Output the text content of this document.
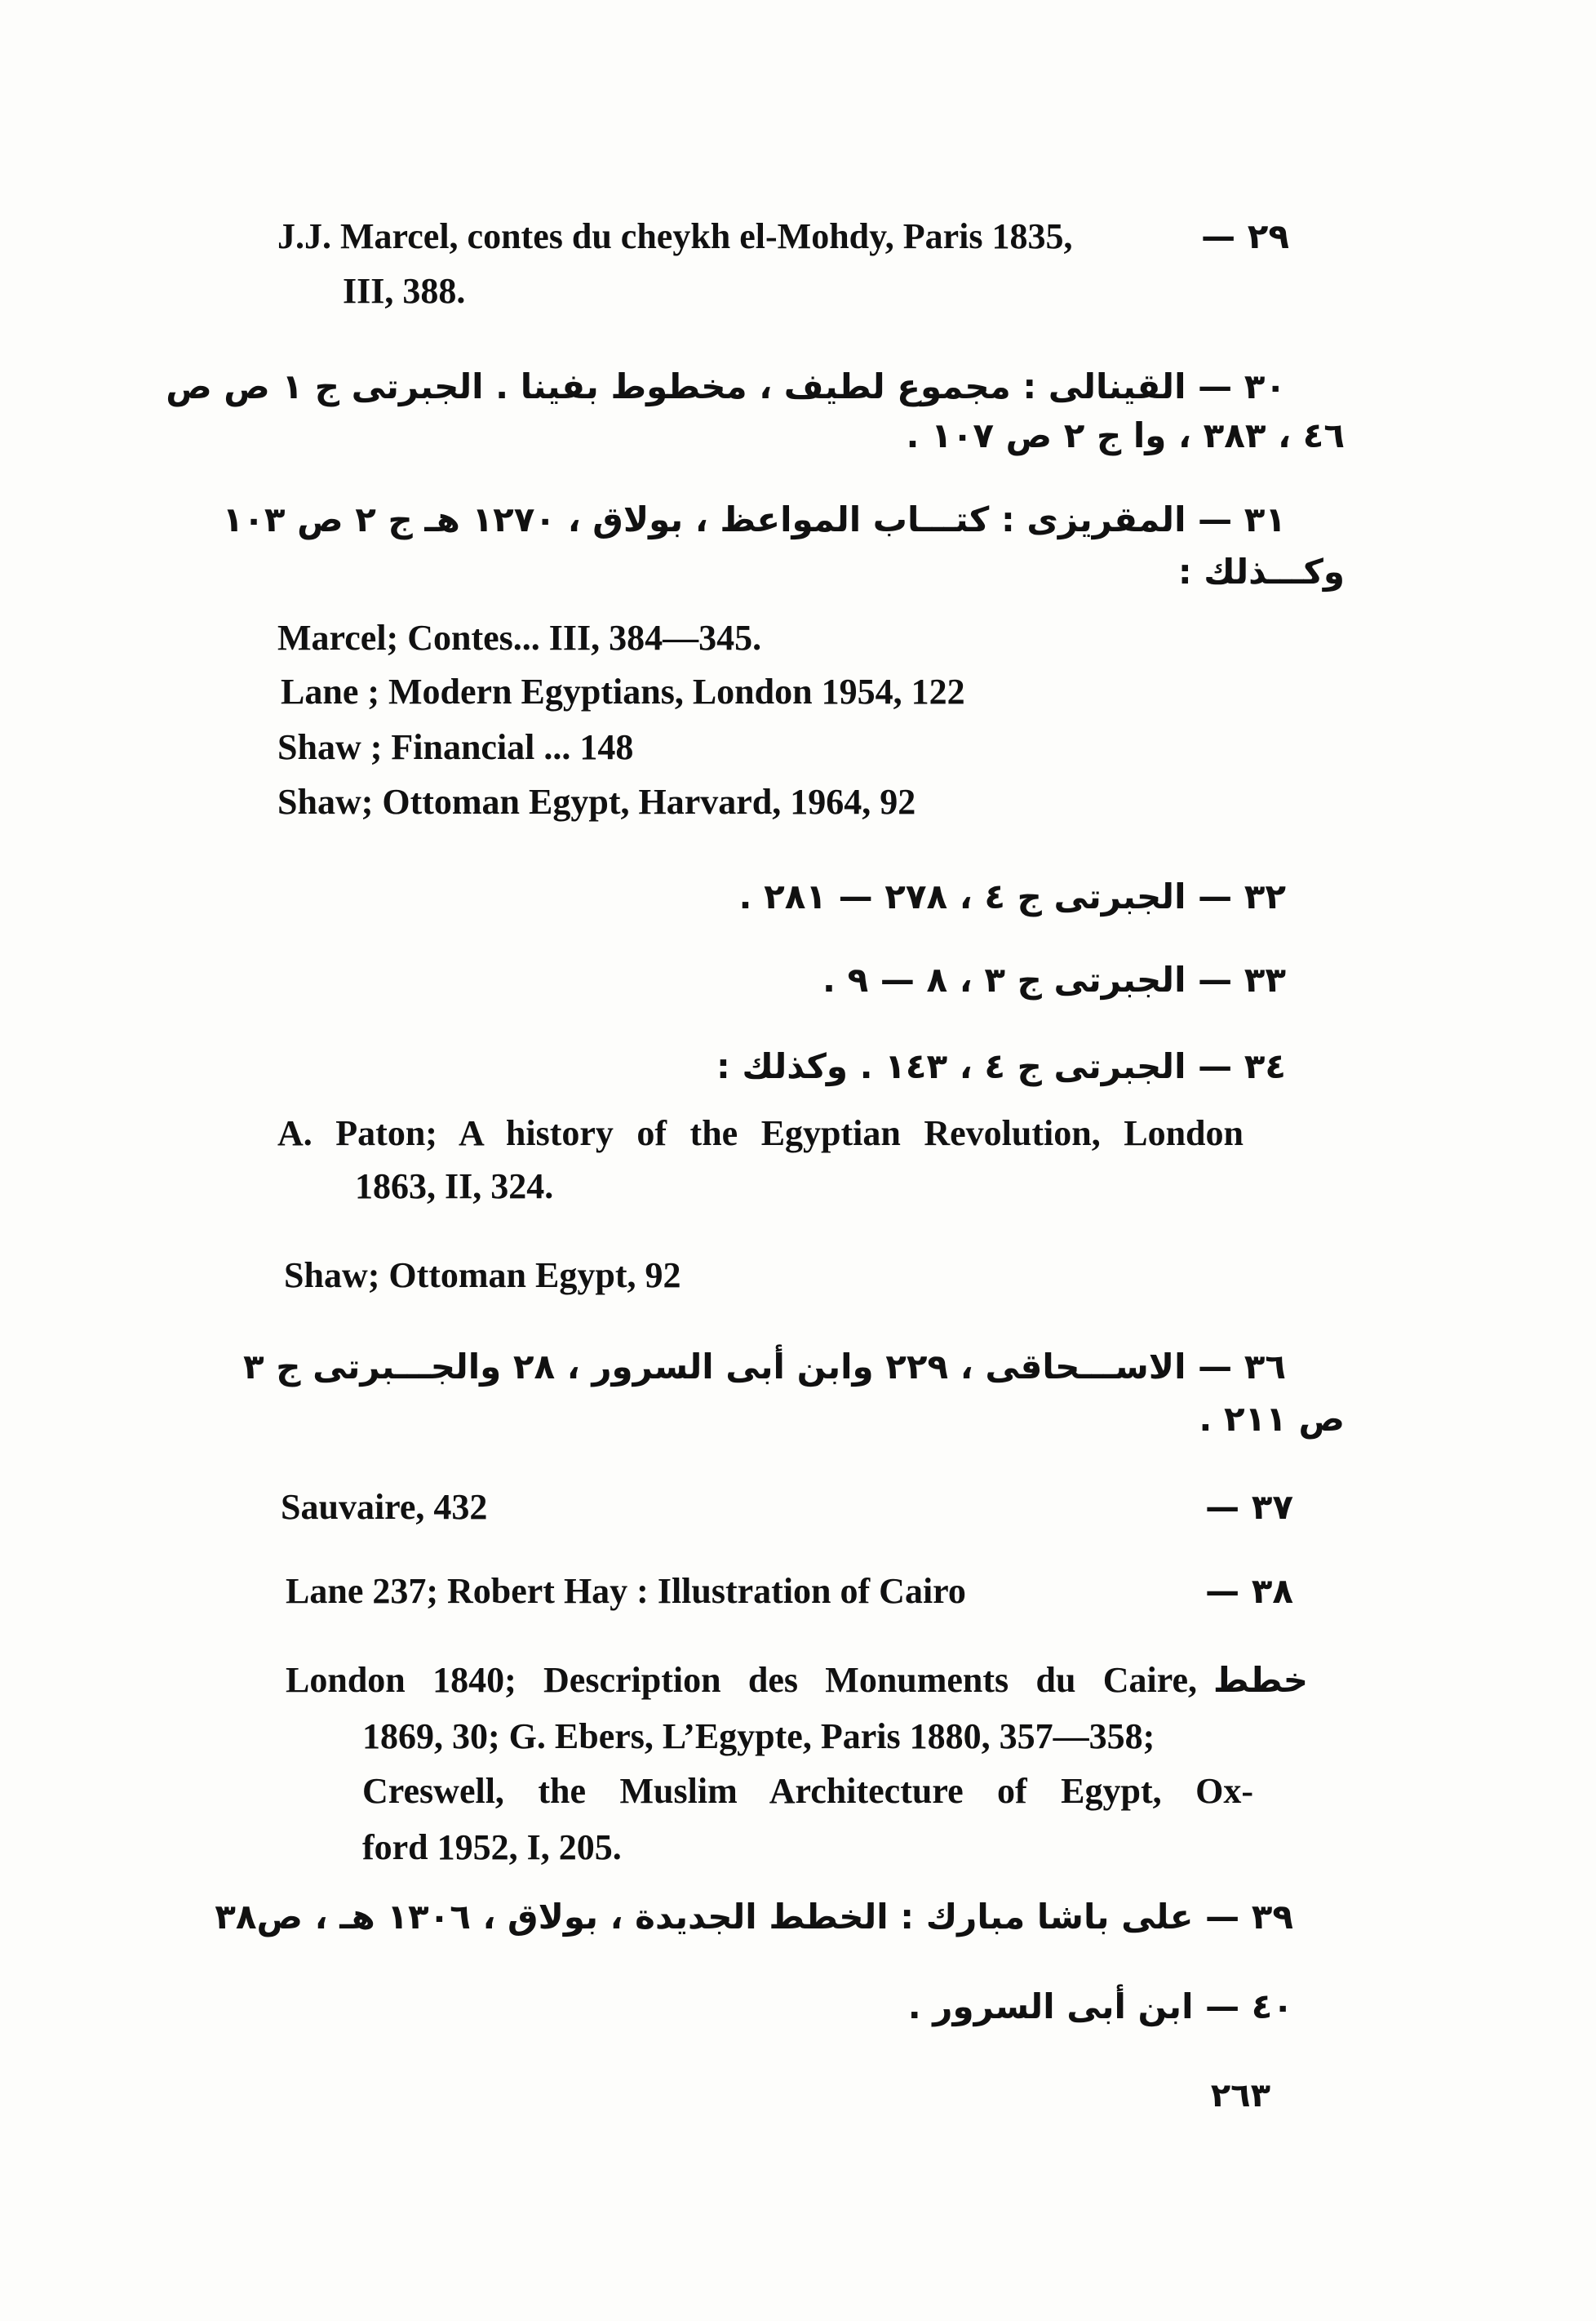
J.J. Marcel, contes du cheykh el-Mohdy, Paris 1835,	٢٩ —
III, 388.
٣٠ — القينالى : مجموع لطيف ، مخطوط بفينا . الجبرتى ج ١ ص ص
٤٦ ، ٣٨٣ ، وا ج ٢ ص ١٠٧ .
٣١ — المقريزى : كتـــاب المواعظ ، بولاق ، ١٢٧٠ هـ ج ٢ ص ١٠٣
وكـــذلك :
Marcel; Contes... III, 384—345.
Lane ; Modern Egyptians, London 1954, 122
Shaw ; Financial ... 148
Shaw; Ottoman Egypt, Harvard, 1964, 92
٣٢ — الجبرتى ج ٤ ، ٢٧٨ — ٢٨١ .
٣٣ — الجبرتى ج ٣ ، ٨ — ٩ .
٣٤ — الجبرتى ج ٤ ، ١٤٣ . وكذلك :
A. Paton; A history of the Egyptian Revolution, London
1863, II, 324.
Shaw; Ottoman Egypt, 92
٣٦ — الاســـحاقى ، ٢٢٩ وابن أبى السرور ، ٢٨ والجـــبرتى ج ٣
ص ٢١١ .
Sauvaire, 432	٣٧ —
Lane 237; Robert Hay : Illustration of Cairo	٣٨ —
London 1840; Description des Monuments du Caire, خطط
1869, 30; G. Ebers, L’Egypte, Paris 1880, 357—358;
Creswell, the Muslim Architecture of Egypt, Ox-
ford 1952, I, 205.
٣٩ — على باشا مبارك : الخطط الجديدة ، بولاق ، ١٣٠٦ هـ ، ص٣٨
٤٠ — ابن أبى السرور .
٢٦٣
